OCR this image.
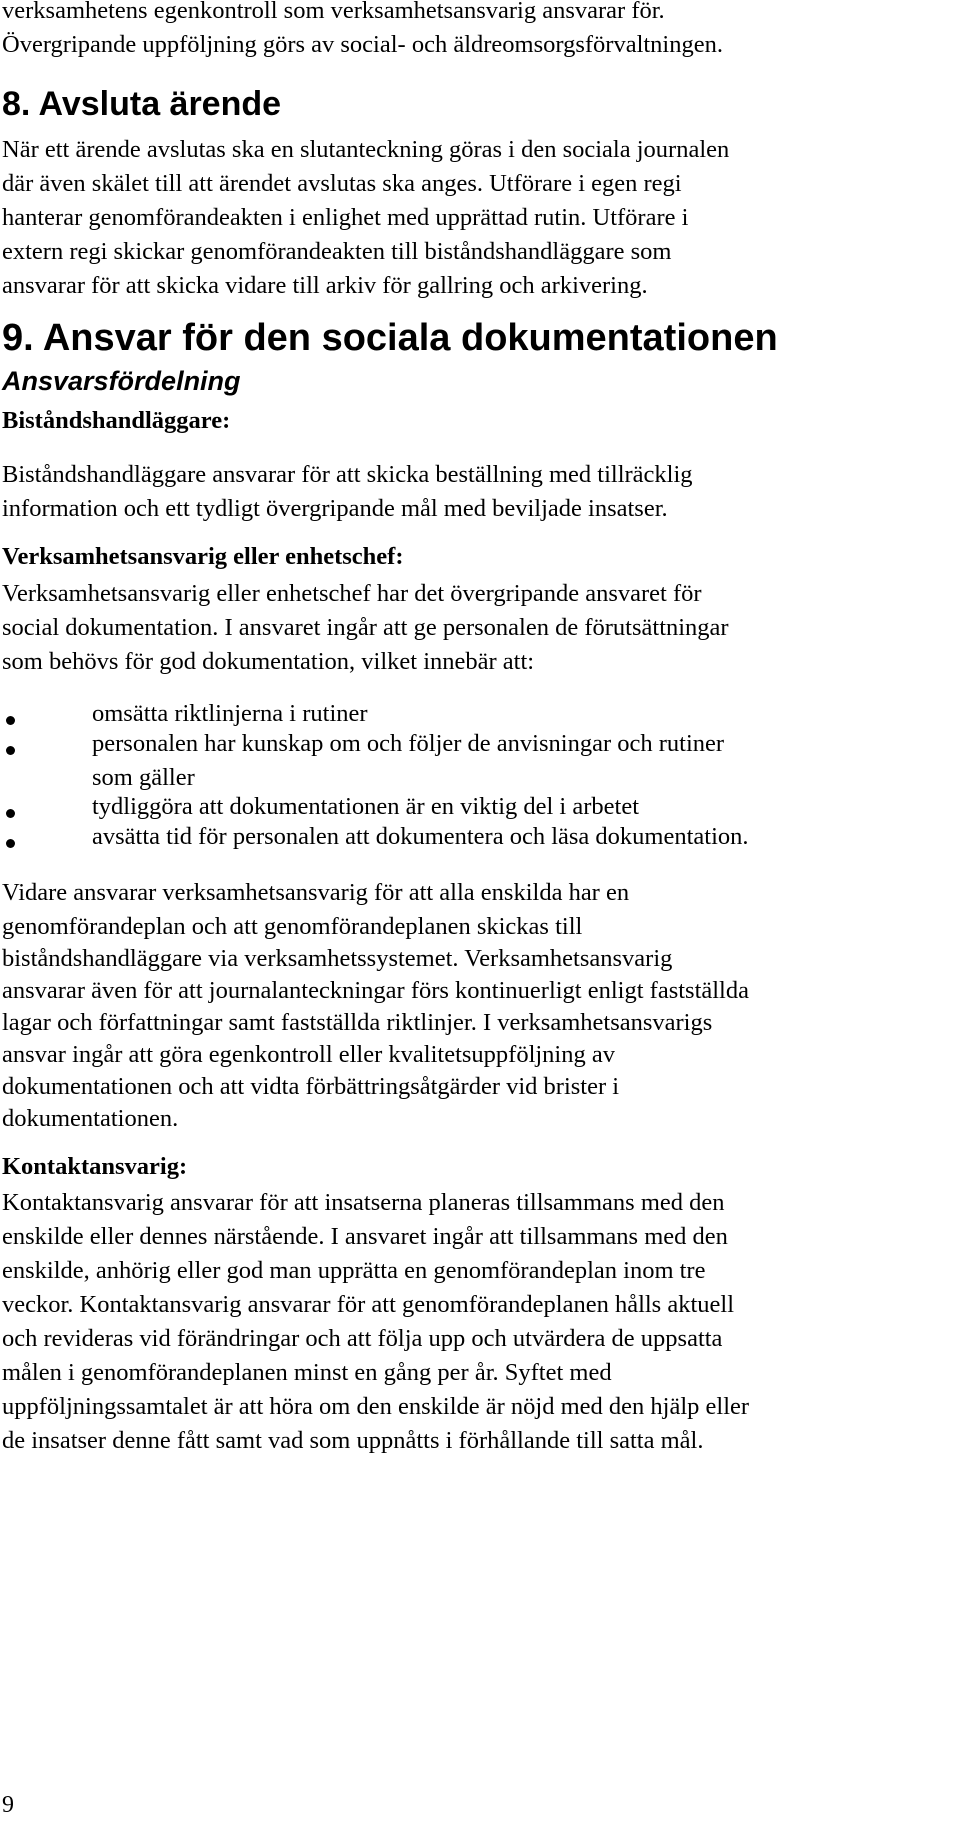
verksamhetens egenkontroll som verksamhetsansvarig ansvarar för.

Övergripande uppföljning görs av social- och äldreomsorgsförvaltningen.

8. Avsluta ärende

När ett ärende avslutas ska en slutanteckning göras i den sociala journalen

där även skälet till att ärendet avslutas ska anges. Utförare i egen regi

hanterar genomförandeakten i enlighet med upprättad rutin. Utförare i

extern regi skickar genomförandeakten till biståndshandläggare som

ansvarar för att skicka vidare till arkiv för gallring och arkivering.

9. Ansvar för den sociala dokumentationen
Ansvarsfördelning
Biståndshandläggare:

Biståndshandläggare ansvarar för att skicka beställning med tillräcklig

information och ett tydligt övergripande mål med beviljade insatser.

Verksamhetsansvarig eller enhetschef:

Verksamhetsansvarig eller enhetschef har det övergripande ansvaret för

social dokumentation. I ansvaret ingår att ge personalen de förutsättningar

som behövs för god dokumentation, vilket innebär att:

omsätta riktlinjerna i rutiner
personalen har kunskap om och följer de anvisningar och rutiner
som gäller
tydliggöra att dokumentationen är en viktig del i arbetet
avsätta tid för personalen att dokumentera och läsa dokumentation.

Vidare ansvarar verksamhetsansvarig för att alla enskilda har en

genomförandeplan och att genomförandeplanen skickas till

biståndshandläggare via verksamhetssystemet. Verksamhetsansvarig

ansvarar även för att journalanteckningar förs kontinuerligt enligt fastställda

lagar och författningar samt fastställda riktlinjer. I verksamhetsansvarigs

ansvar ingår att göra egenkontroll eller kvalitetsuppföljning av

dokumentationen och att vidta förbättringsåtgärder vid brister i

dokumentationen.

Kontaktansvarig:

Kontaktansvarig ansvarar för att insatserna planeras tillsammans med den

enskilde eller dennes närstående. I ansvaret ingår att tillsammans med den

enskilde, anhörig eller god man upprätta en genomförandeplan inom tre

veckor. Kontaktansvarig ansvarar för att genomförandeplanen hålls aktuell

och revideras vid förändringar och att följa upp och utvärdera de uppsatta

målen i genomförandeplanen minst en gång per år. Syftet med

uppföljningssamtalet är att höra om den enskilde är nöjd med den hjälp eller

de insatser denne fått samt vad som uppnåtts i förhållande till satta mål.

9
